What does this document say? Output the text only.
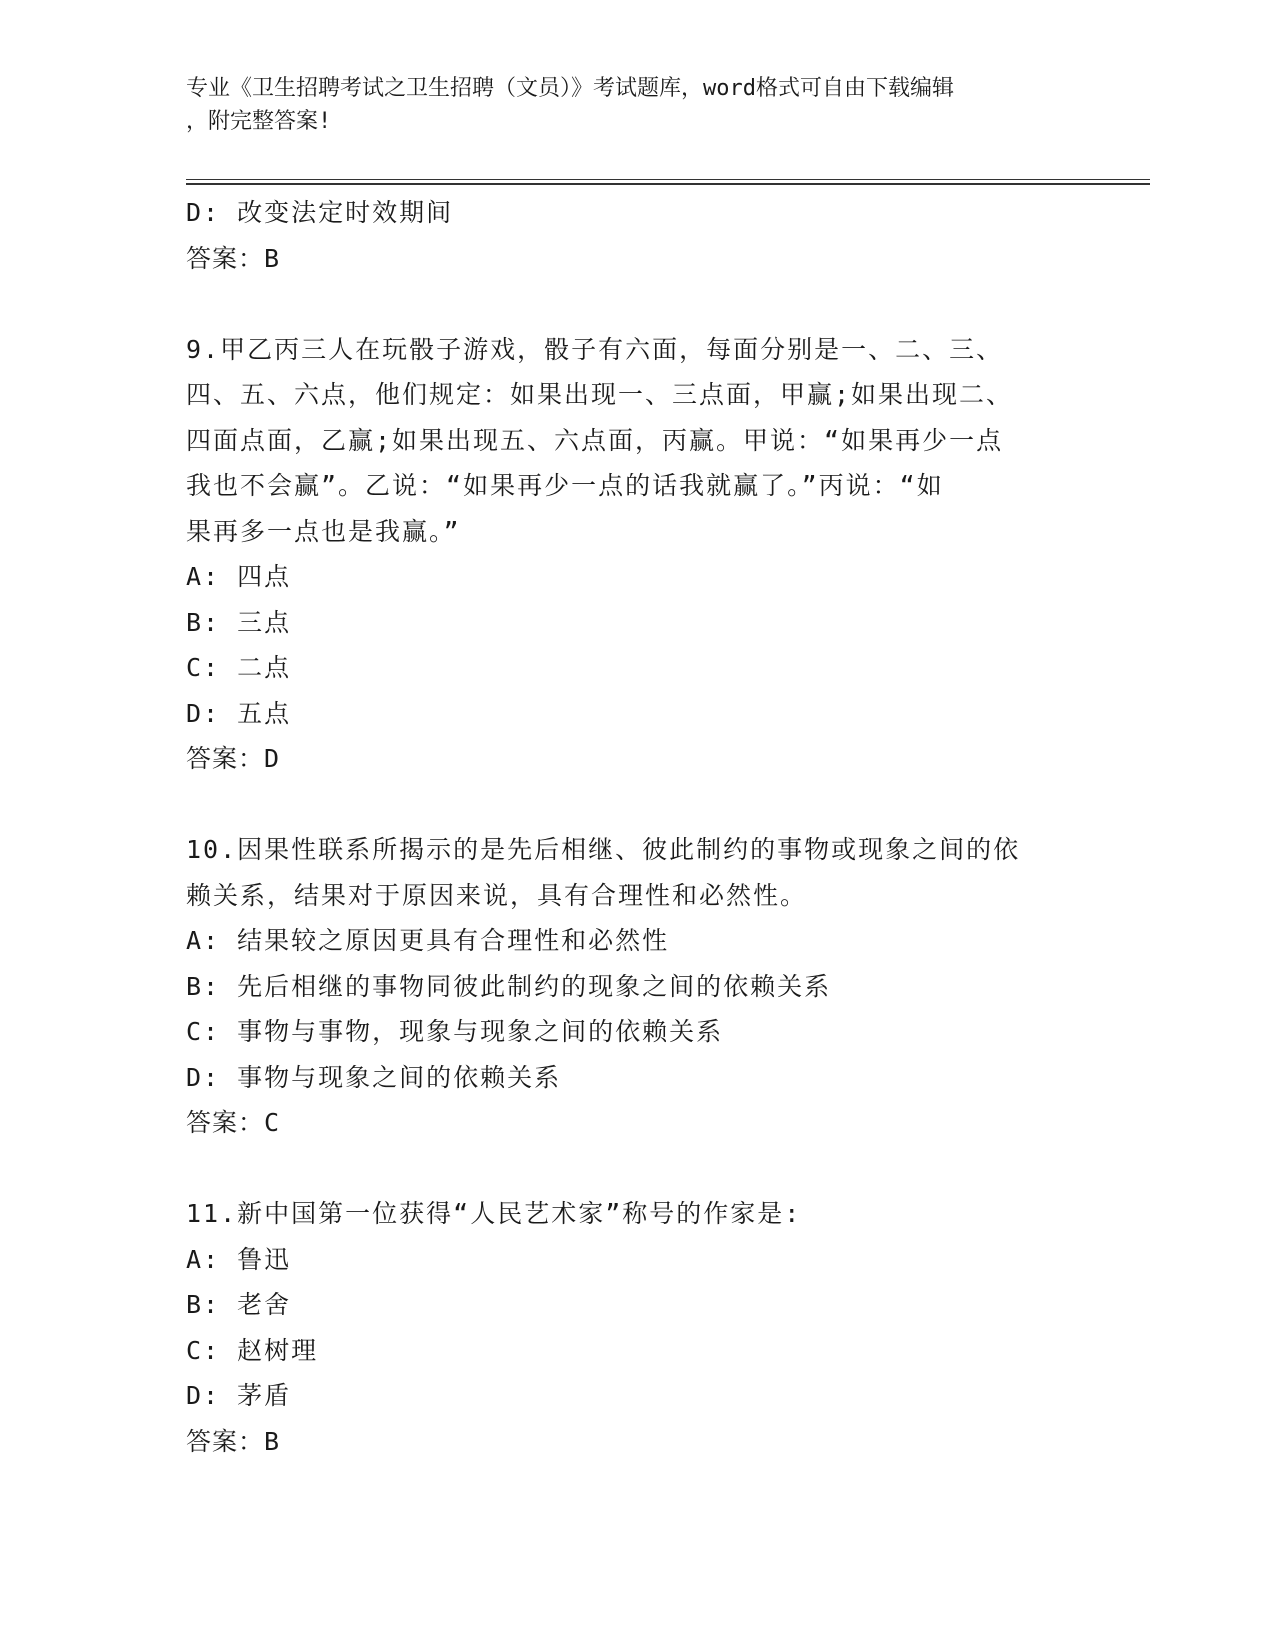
专业《卫生招聘考试之卫生招聘（文员）》考试题库，word格式可自由下载编辑
，附完整答案!
D: 改变法定时效期间
答案：B
9.甲乙丙三人在玩骰子游戏，骰子有六面，每面分别是一、二、三、
四、五、六点，他们规定：如果出现一、三点面，甲赢;如果出现二、
四面点面，乙赢;如果出现五、六点面，丙赢。甲说：“如果再少一点
我也不会赢”。乙说：“如果再少一点的话我就赢了。”丙说：“如
果再多一点也是我赢。”
A: 四点
B: 三点
C: 二点
D: 五点
答案：D
10.因果性联系所揭示的是先后相继、彼此制约的事物或现象之间的依
赖关系，结果对于原因来说，具有合理性和必然性。
A: 结果较之原因更具有合理性和必然性
B: 先后相继的事物同彼此制约的现象之间的依赖关系
C: 事物与事物，现象与现象之间的依赖关系
D: 事物与现象之间的依赖关系
答案：C
11.新中国第一位获得“人民艺术家”称号的作家是:
A: 鲁迅
B: 老舍
C: 赵树理
D: 茅盾
答案：B
